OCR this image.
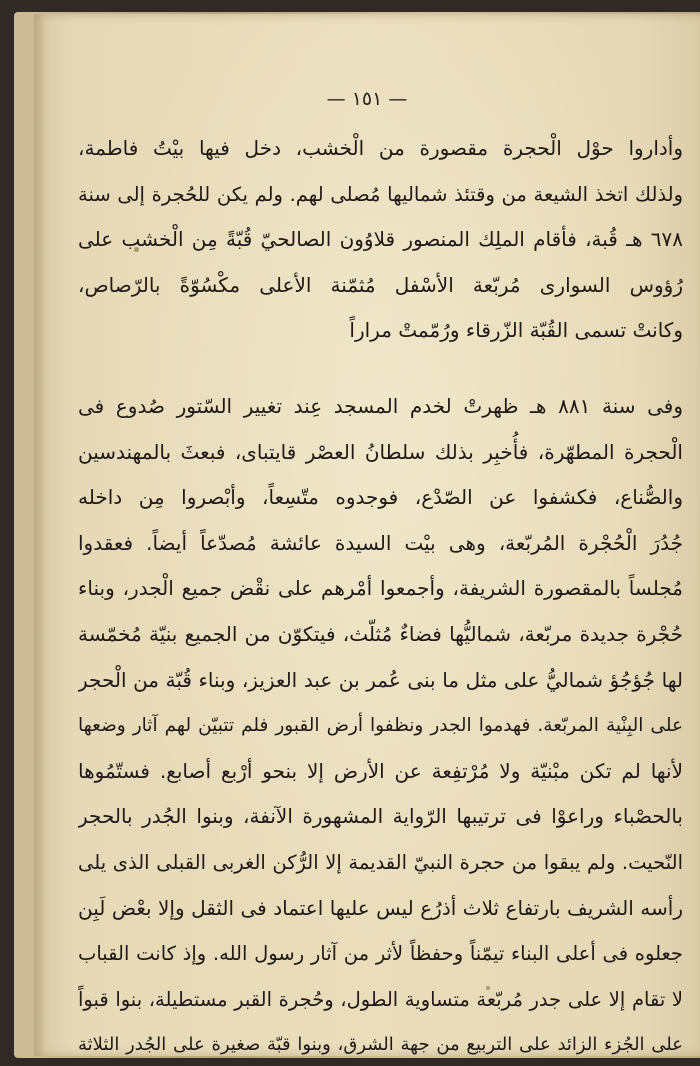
— ١٥١ —
وأداروا حوْل الْحجرة مقصورة من الْخشب، دخل فيها بيْتُ فاطمة،
ولذلك اتخذ الشيعة من وقتئذ شماليها مُصلى لهم. ولم يكن للحُجرة إلى سنة
٦٧٨ هـ قُبة، فأقام الملِك المنصور قلاوُون الصالحيّ قُبّةً مِن الْخشب على
رُؤوس السوارى مُربّعة الأسْفل مُثمّنة الأعلى مكْسُوّةً بالرّصاص،
وكانتْ تسمى القُبّة الزّرقاء ورُمّمتْ مراراً
وفى سنة ٨٨١ هـ ظهرتْ لخدم المسجد عِند تغيير السّتور صُدوع فى
الْحجرة المطهّرة، فأُخبِر بذلك سلطانُ العصْر قايتباى، فبعثَ بالمهندسين
والصُّناع، فكشفوا عن الصّدْع، فوجدوه متّسِعاً، وأبْصروا مِن داخله
جُدُرَ الْحُجْرة المُربّعة، وهى بيْت السيدة عائشة مُصدّعاً أيضاً. فعقدوا
مُجلساً بالمقصورة الشريفة، وأجمعوا أمْرهم على نقْض جميع الْجدر، وبناء
حُجْرة جديدة مربّعة، شماليُّها فضاءٌ مُثلّث، فيتكوّن من الجميع بنيّة مُخمّسة
لها جُؤجُؤ شماليُّ على مثل ما بنى عُمر بن عبد العزيز، وبناء قُبّة من الْحجر
على البِنْية المربّعة. فهدموا الجدر ونظفوا أرض القبور فلم تتبيّن لهم آثار وضعها
لأنها لم تكن مبْنيّة ولا مُرْتفِعة عن الأرض إلا بنحو أرْبع أصابع. فستّمُوها
بالحصْباء وراعوْا فى ترتيبها الرّواية المشهورة الآنفة، وبنوا الجُدر بالحجر
النّحيت. ولم يبقوا من حجرة النبيّ القديمة إلا الرُّكن الغربى القبلى الذى يلى
رأسه الشريف بارتفاع ثلاث أذرُع ليس عليها اعتماد فى الثقل وإلا بعْض لَبِن
جعلوه فى أعلى البناء تيمّناً وحفظاً لأثر من آثار رسول الله. وإذ كانت القباب
لا تقام إلا على جدر مُربّعة متساوية الطول، وحُجرة القبر مستطيلة، بنوا قبواً
على الجُزء الزائد على التربيع من جهة الشرق، وبنوا قبّة صغيرة على الجُدر الثلاثة
